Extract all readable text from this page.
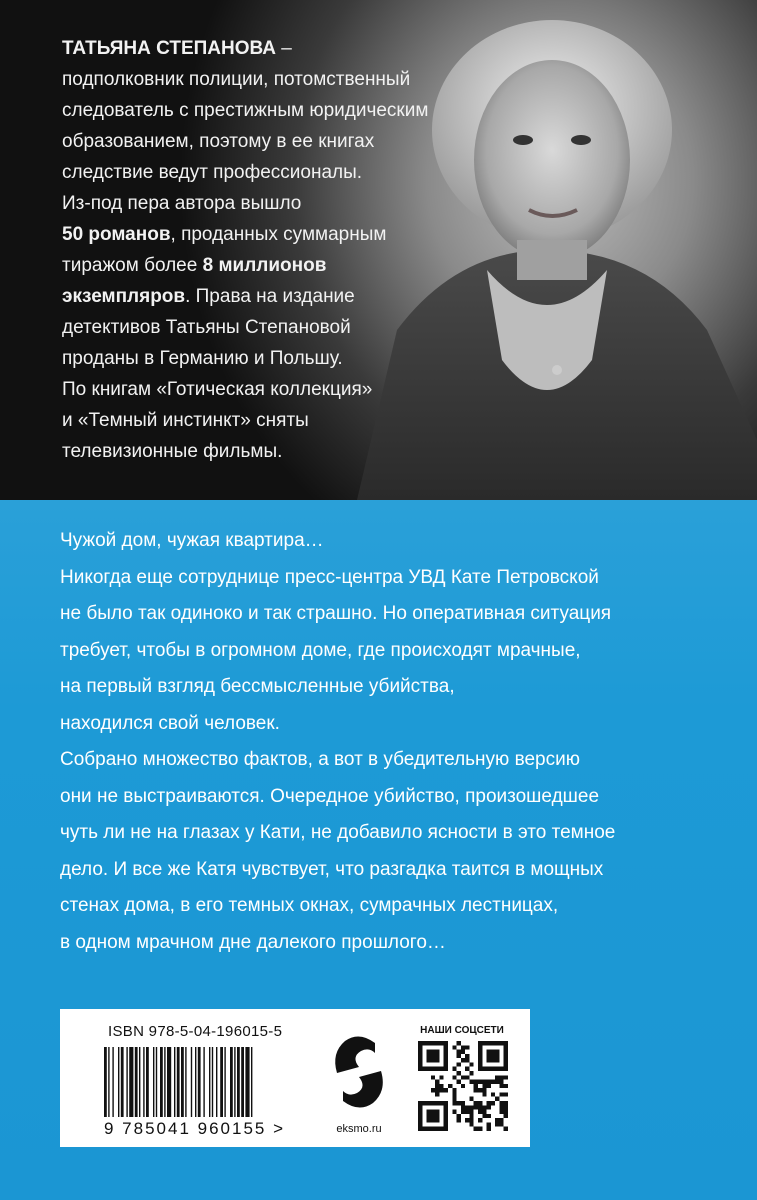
ТАТЬЯНА СТЕПАНОВА –
подполковник полиции, потомственный
следователь с престижным юридическим
образованием, поэтому в ее книгах
следствие ведут профессионалы.
Из-под пера автора вышло
50 романов, проданных суммарным
тиражом более 8 миллионов
экземпляров. Права на издание
детективов Татьяны Степановой
проданы в Германию и Польшу.
По книгам «Готическая коллекция»
и «Темный инстинкт» сняты
телевизионные фильмы.
Чужой дом, чужая квартира…
Никогда еще сотруднице пресс-центра УВД Кате Петровской
не было так одиноко и так страшно. Но оперативная ситуация
требует, чтобы в огромном доме, где происходят мрачные,
на первый взгляд бессмысленные убийства,
находился свой человек.
Собрано множество фактов, а вот в убедительную версию
они не выстраиваются. Очередное убийство, произошедшее
чуть ли не на глазах у Кати, не добавило ясности в это темное
дело. И все же Катя чувствует, что разгадка таится в мощных
стенах дома, в его темных окнах, сумрачных лестницах,
в одном мрачном дне далекого прошлого…
ISBN 978-5-04-196015-5
9 785041 960155 >	eksmo.ru
НАШИ СОЦСЕТИ
